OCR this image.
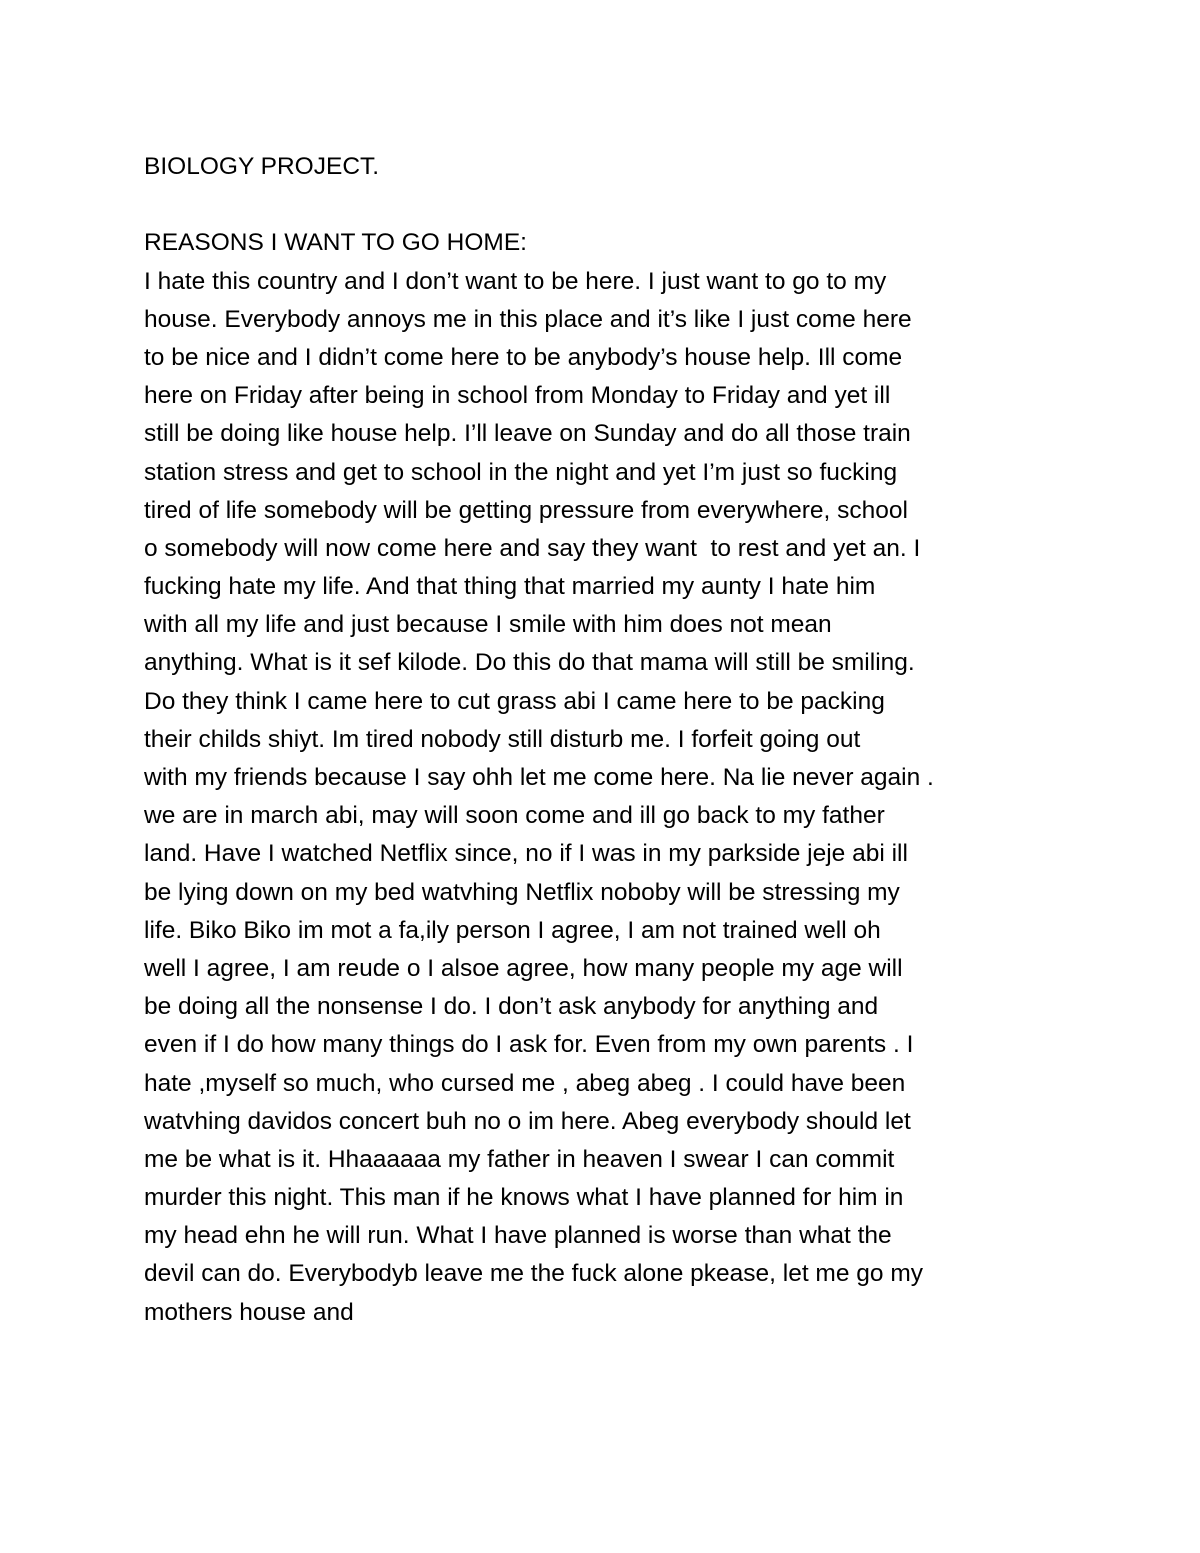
BIOLOGY PROJECT.
REASONS I WANT TO GO HOME:
I hate this country and I don’t want to be here. I just want to go to my
house. Everybody annoys me in this place and it’s like I just come here
to be nice and I didn’t come here to be anybody’s house help. Ill come
here on Friday after being in school from Monday to Friday and yet ill
still be doing like house help. I’ll leave on Sunday and do all those train
station stress and get to school in the night and yet I’m just so fucking
tired of life somebody will be getting pressure from everywhere, school
o somebody will now come here and say they want  to rest and yet an. I
fucking hate my life. And that thing that married my aunty I hate him
with all my life and just because I smile with him does not mean
anything. What is it sef kilode. Do this do that mama will still be smiling.
Do they think I came here to cut grass abi I came here to be packing
their childs shiyt. Im tired nobody still disturb me. I forfeit going out
with my friends because I say ohh let me come here. Na lie never again .
we are in march abi, may will soon come and ill go back to my father
land. Have I watched Netflix since, no if I was in my parkside jeje abi ill
be lying down on my bed watvhing Netflix noboby will be stressing my
life. Biko Biko im mot a fa,ily person I agree, I am not trained well oh
well I agree, I am reude o I alsoe agree, how many people my age will
be doing all the nonsense I do. I don’t ask anybody for anything and
even if I do how many things do I ask for. Even from my own parents . I
hate ,myself so much, who cursed me , abeg abeg . I could have been
watvhing davidos concert buh no o im here. Abeg everybody should let
me be what is it. Hhaaaaaa my father in heaven I swear I can commit
murder this night. This man if he knows what I have planned for him in
my head ehn he will run. What I have planned is worse than what the
devil can do. Everybodyb leave me the fuck alone pkease, let me go my
mothers house and
